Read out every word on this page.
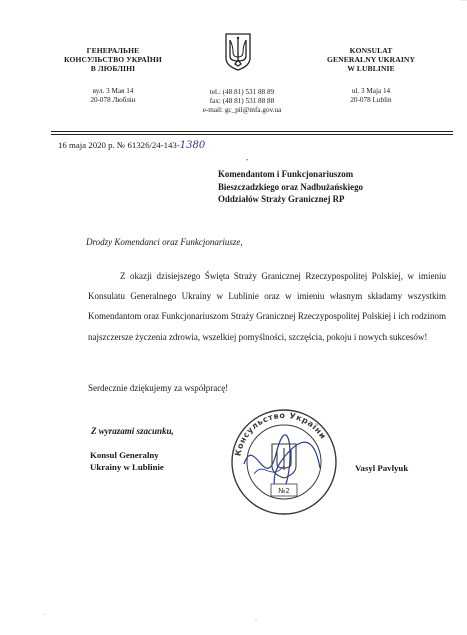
▔
ГЕНЕРАЛЬНЕ
КОНСУЛЬСТВО УКРАЇНИ
В ЛЮБЛІНІ
вул. 3 Мая 14
20-078 Люблін
tel.: (48 81) 531 88 89
fax: (48 81) 531 88 88
e-mail: gc_pil@mfa.gov.ua
KONSULAT
GENERALNY UKRAINY
W LUBLINIE
ul. 3 Maja 14
20-078 Lublin
16 maja 2020 р. № 61326/24-143-1380
•
Komendantom i Funkcjonariuszom
Bieszczadzkiego oraz Nadbużańskiego
Oddziałów Straży Granicznej RP
Drodzy Komendanci oraz Funkcjonariusze,
Z okazji dzisiejszego Święta Straży Granicznej Rzeczypospolitej Polskiej, w imieniu Konsulatu Generalnego Ukrainy w Lublinie oraz w imieniu własnym składamy wszystkim Komendantom oraz Funkcjonariuszom Straży Granicznej Rzeczypospolitej Polskiej i ich rodzinom najszczersze życzenia zdrowia, wszelkiej pomyślności, szczęścia, pokoju i nowych sukcesów!
Serdecznie dziękujemy za współpracę!
Z wyrazami szacunku,
Konsul Generalny
Ukrainy w Lublinie
Консульство України
№2
Vasyl Pavlyuk
·
·
